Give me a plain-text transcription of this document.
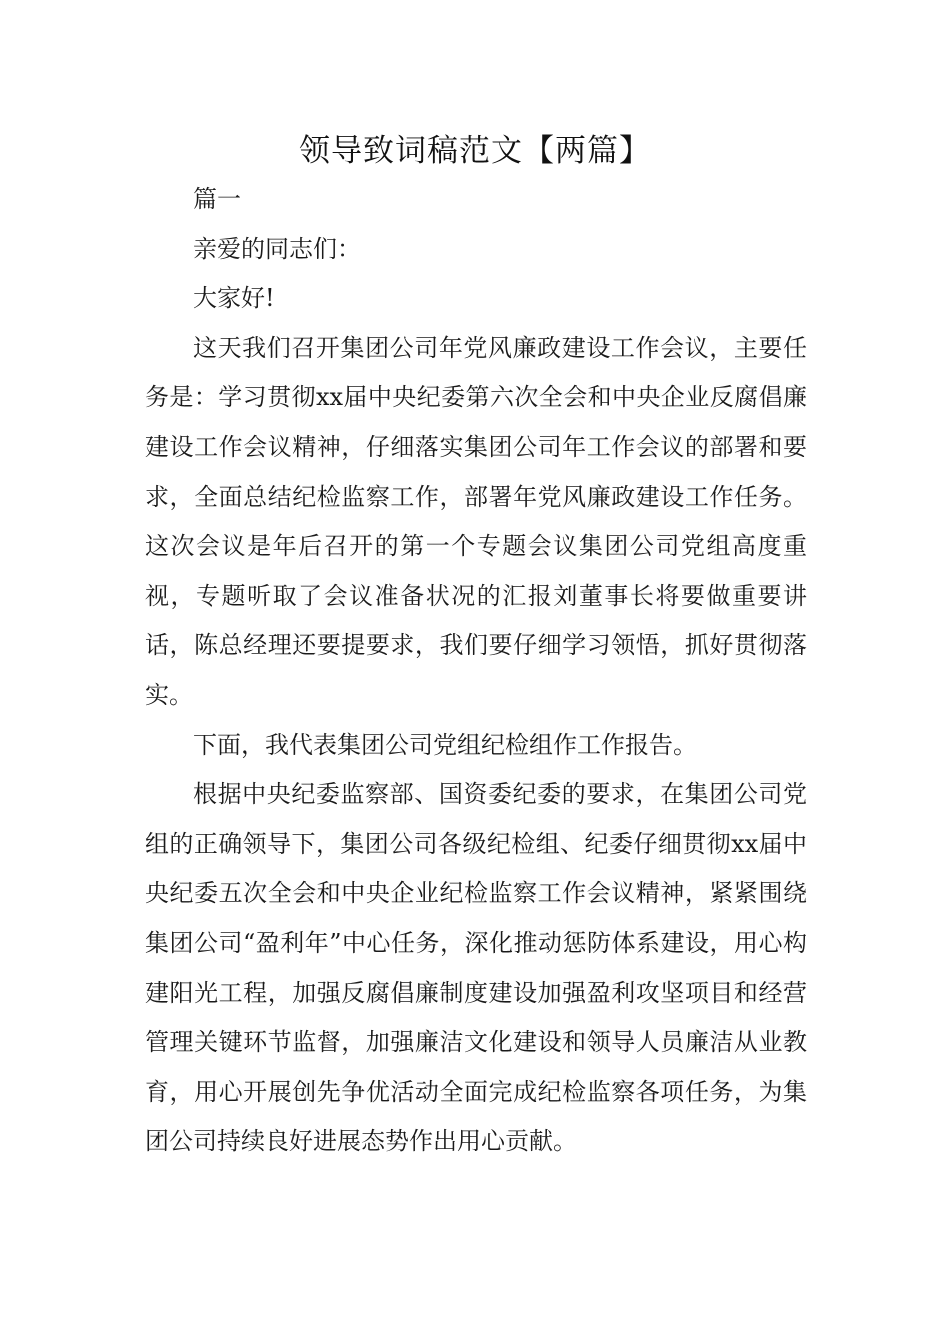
领导致词稿范文【两篇】

篇一

亲爱的同志们：

大家好!

这天我们召开集团公司年党风廉政建设工作会议，主要任务是：学习贯彻xx届中央纪委第六次全会和中央企业反腐倡廉建设工作会议精神，仔细落实集团公司年工作会议的部署和要求，全面总结纪检监察工作，部署年党风廉政建设工作任务。这次会议是年后召开的第一个专题会议集团公司党组高度重视，专题听取了会议准备状况的汇报刘董事长将要做重要讲话，陈总经理还要提要求，我们要仔细学习领悟，抓好贯彻落实。

下面，我代表集团公司党组纪检组作工作报告。

根据中央纪委监察部、国资委纪委的要求，在集团公司党组的正确领导下，集团公司各级纪检组、纪委仔细贯彻xx届中央纪委五次全会和中央企业纪检监察工作会议精神，紧紧围绕集团公司“盈利年”中心任务，深化推动惩防体系建设，用心构建阳光工程，加强反腐倡廉制度建设加强盈利攻坚项目和经营管理关键环节监督，加强廉洁文化建设和领导人员廉洁从业教育，用心开展创先争优活动全面完成纪检监察各项任务，为集团公司持续良好进展态势作出用心贡献。
